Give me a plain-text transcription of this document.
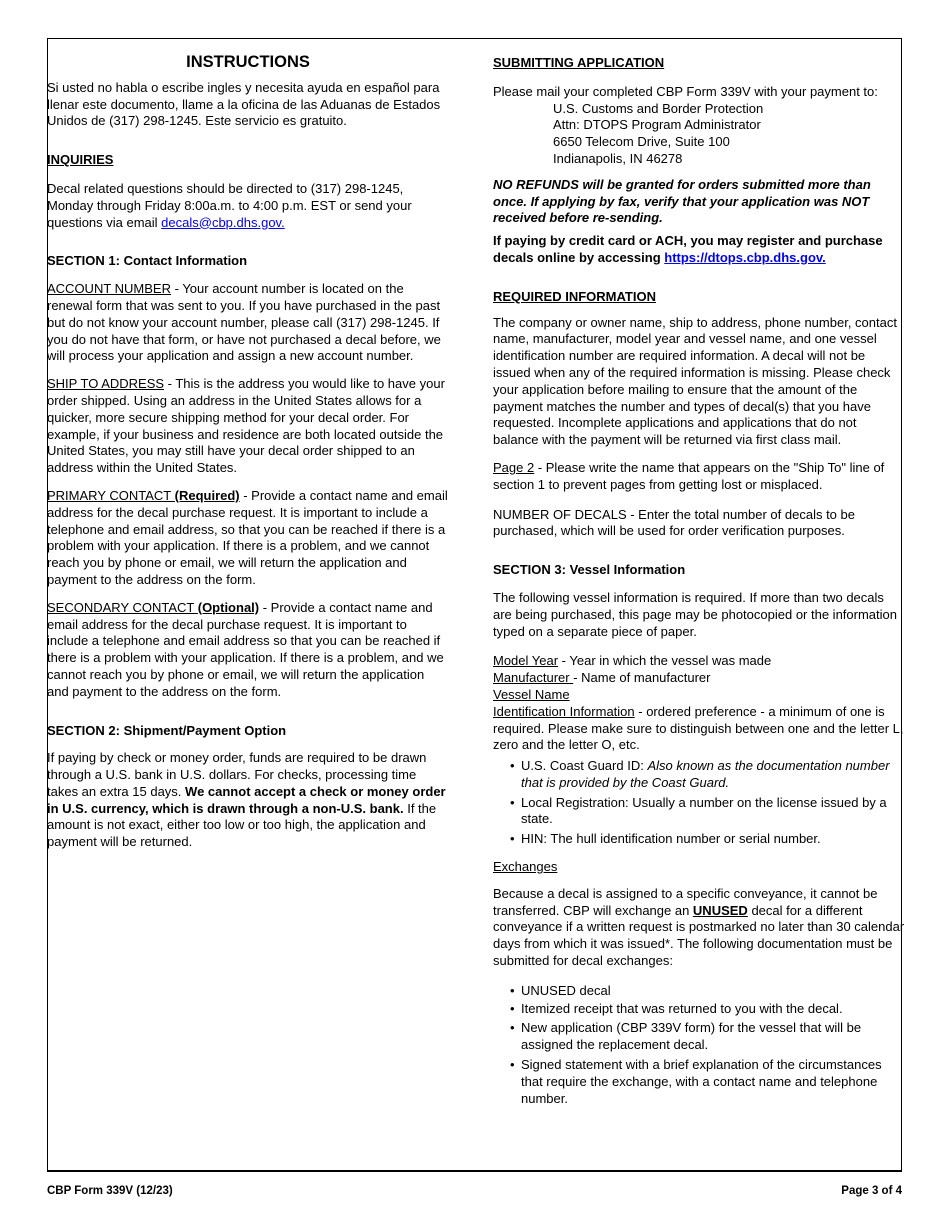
INSTRUCTIONS

Si usted no habla o escribe ingles y necesita ayuda en español para llenar este documento, llame a la oficina de las Aduanas de Estados Unidos de (317) 298-1245. Este servicio es gratuito.

INQUIRIES

Decal related questions should be directed to (317) 298-1245, Monday through Friday 8:00a.m. to 4:00 p.m. EST or send your questions via email decals@cbp.dhs.gov.

SECTION 1: Contact Information

ACCOUNT NUMBER - Your account number is located on the renewal form that was sent to you. If you have purchased in the past but do not know your account number, please call (317) 298-1245. If you do not have that form, or have not purchased a decal before, we will process your application and assign a new account number.

SHIP TO ADDRESS - This is the address you would like to have your order shipped. Using an address in the United States allows for a quicker, more secure shipping method for your decal order. For example, if your business and residence are both located outside the United States, you may still have your decal order shipped to an address within the United States.

PRIMARY CONTACT (Required) - Provide a contact name and email address for the decal purchase request. It is important to include a telephone and email address, so that you can be reached if there is a problem with your application. If there is a problem, and we cannot reach you by phone or email, we will return the application and payment to the address on the form.

SECONDARY CONTACT (Optional) - Provide a contact name and email address for the decal purchase request. It is important to include a telephone and email address so that you can be reached if there is a problem with your application. If there is a problem, and we cannot reach you by phone or email, we will return the application and payment to the address on the form.

SECTION 2: Shipment/Payment Option

If paying by check or money order, funds are required to be drawn through a U.S. bank in U.S. dollars. For checks, processing time takes an extra 15 days. We cannot accept a check or money order in U.S. currency, which is drawn through a non-U.S. bank. If the amount is not exact, either too low or too high, the application and payment will be returned.

SUBMITTING APPLICATION

Please mail your completed CBP Form 339V with your payment to:

U.S. Customs and Border Protection

Attn: DTOPS Program Administrator

6650 Telecom Drive, Suite 100

Indianapolis, IN 46278

NO REFUNDS will be granted for orders submitted more than once. If applying by fax, verify that your application was NOT received before re-sending.

If paying by credit card or ACH, you may register and purchase decals online by accessing https://dtops.cbp.dhs.gov.

REQUIRED INFORMATION

The company or owner name, ship to address, phone number, contact name, manufacturer, model year and vessel name, and one vessel identification number are required information. A decal will not be issued when any of the required information is missing. Please check your application before mailing to ensure that the amount of the payment matches the number and types of decal(s) that you have requested. Incomplete applications and applications that do not balance with the payment will be returned via first class mail.

Page 2 - Please write the name that appears on the "Ship To" line of section 1 to prevent pages from getting lost or misplaced.

NUMBER OF DECALS - Enter the total number of decals to be purchased, which will be used for order verification purposes.

SECTION 3: Vessel Information

The following vessel information is required. If more than two decals are being purchased, this page may be photocopied or the information typed on a separate piece of paper.

Model Year - Year in which the vessel was made

Manufacturer - Name of manufacturer

Vessel Name

Identification Information - ordered preference - a minimum of one is required. Please make sure to distinguish between one and the letter L, zero and the letter O, etc.

• U.S. Coast Guard ID: Also known as the documentation number that is provided by the Coast Guard.
• Local Registration: Usually a number on the license issued by a state.
• HIN: The hull identification number or serial number.

Exchanges

Because a decal is assigned to a specific conveyance, it cannot be transferred. CBP will exchange an UNUSED decal for a different conveyance if a written request is postmarked no later than 30 calendar days from which it was issued*. The following documentation must be submitted for decal exchanges:

• UNUSED decal
• Itemized receipt that was returned to you with the decal.
• New application (CBP 339V form) for the vessel that will be assigned the replacement decal.
• Signed statement with a brief explanation of the circumstances that require the exchange, with a contact name and telephone number.
CBP Form 339V (12/23)	Page 3 of 4
